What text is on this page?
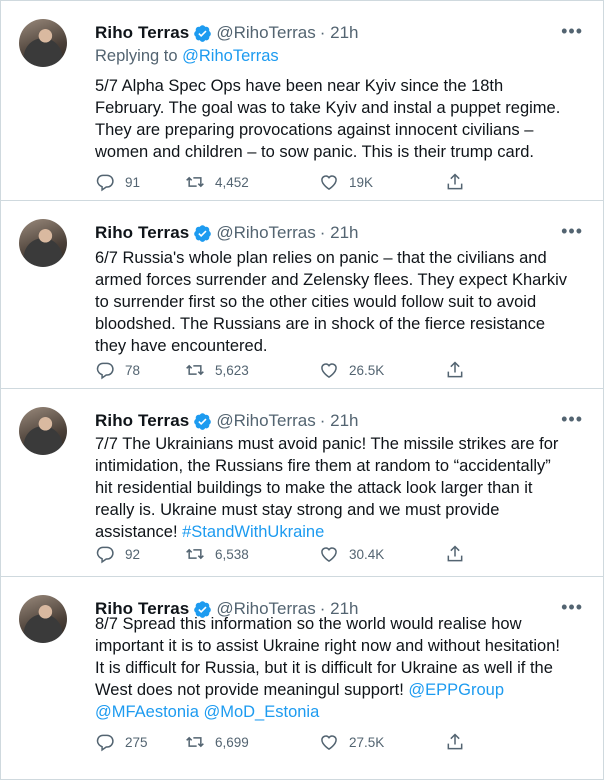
Riho Terras @RihoTerras · 21h	•••
Replying to @RihoTerras
5/7 Alpha Spec Ops have been near Kyiv since the 18th
February. The goal was to take Kyiv and instal a puppet regime.
They are preparing provocations against innocent civilians –
women and children – to sow panic. This is their trump card.
91	4,452	19K
Riho Terras @RihoTerras · 21h	•••
6/7 Russia's whole plan relies on panic – that the civilians and
armed forces surrender and Zelensky flees. They expect Kharkiv
to surrender first so the other cities would follow suit to avoid
bloodshed. The Russians are in shock of the fierce resistance
they have encountered.
78	5,623	26.5K
Riho Terras @RihoTerras · 21h	•••
7/7 The Ukrainians must avoid panic! The missile strikes are for
intimidation, the Russians fire them at random to “accidentally”
hit residential buildings to make the attack look larger than it
really is. Ukraine must stay strong and we must provide
assistance! #StandWithUkraine
92	6,538	30.4K
Riho Terras @RihoTerras · 21h	•••
8/7 Spread this information so the world would realise how
important it is to assist Ukraine right now and without hesitation!
It is difficult for Russia, but it is difficult for Ukraine as well if the
West does not provide meaningul support! @EPPGroup
@MFAestonia @MoD_Estonia
275	6,699	27.5K
